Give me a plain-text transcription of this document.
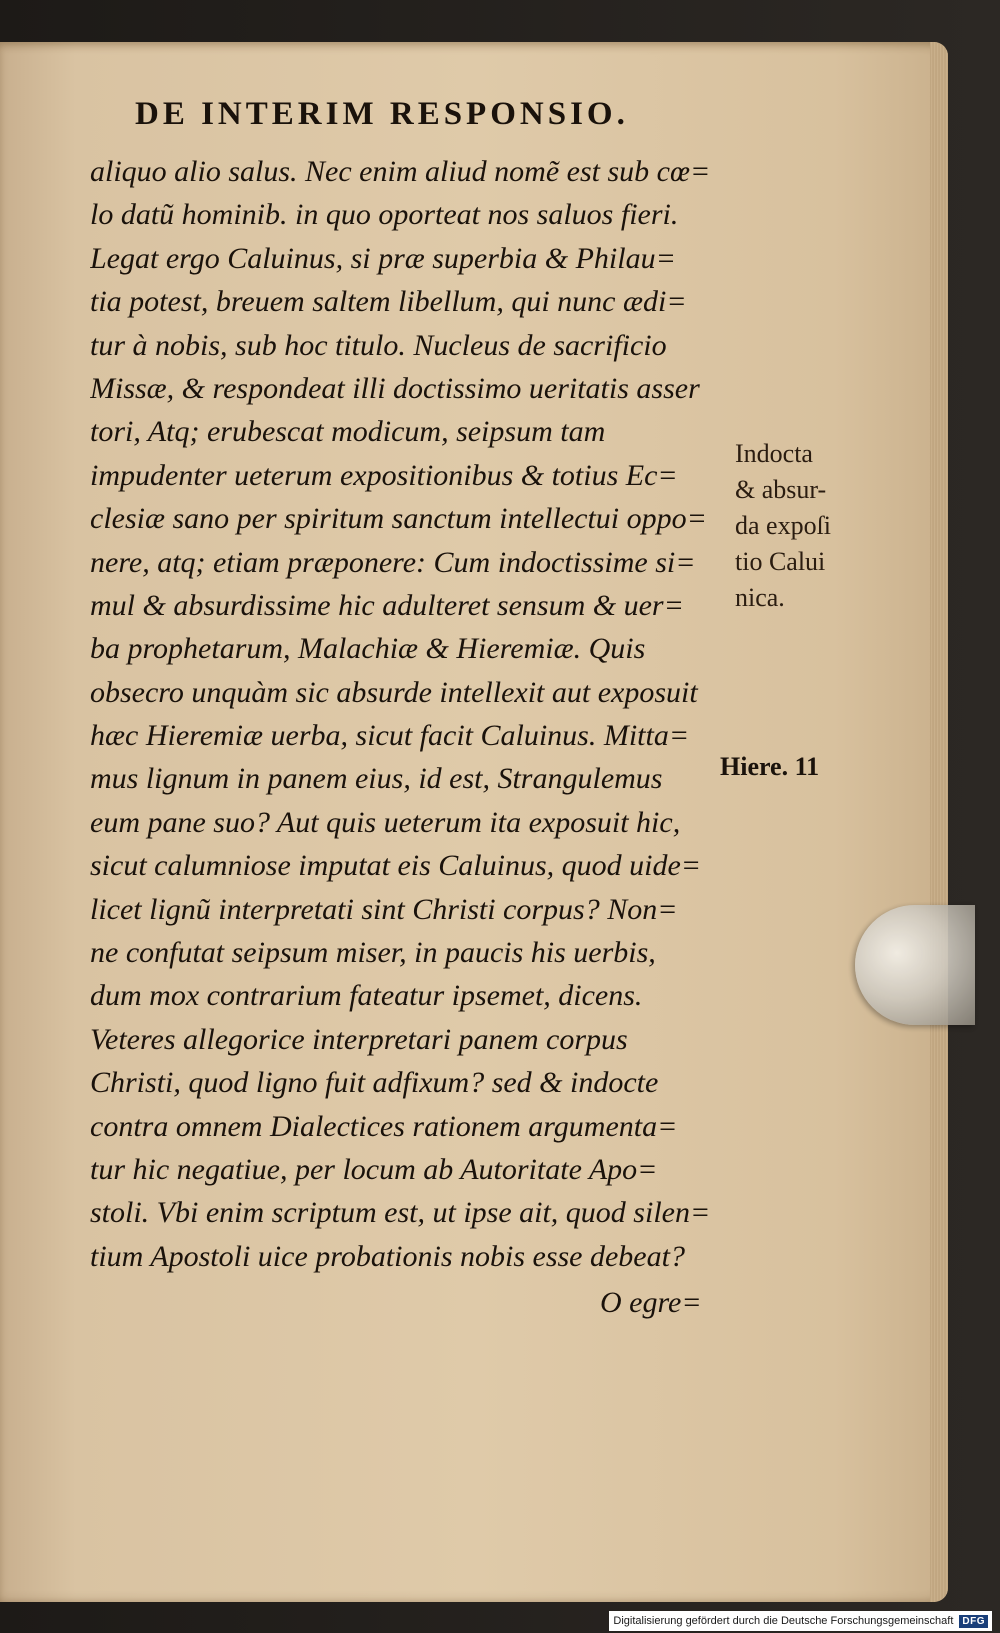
DE INTERIM RESPONSIO.
aliquo alio salus. Nec enim aliud nomẽ est sub cœ=
lo datũ hominib. in quo oporteat nos saluos fieri.
Legat ergo Caluinus, si præ superbia & Philau=
tia potest, breuem saltem libellum, qui nunc ædi=
tur à nobis, sub hoc titulo. Nucleus de sacrificio
Missæ, & respondeat illi doctissimo ueritatis asser
tori, Atq; erubescat modicum, seipsum tam
impudenter ueterum expositionibus & totius Ec=
clesiæ sano per spiritum sanctum intellectui oppo=
nere, atq; etiam præponere: Cum indoctissime si=
mul & absurdissime hic adulteret sensum & uer=
ba prophetarum, Malachiæ & Hieremiæ. Quis
obsecro unquàm sic absurde intellexit aut exposuit
hæc Hieremiæ uerba, sicut facit Caluinus. Mitta=
mus lignum in panem eius, id est, Strangulemus
eum pane suo? Aut quis ueterum ita exposuit hic,
sicut calumniose imputat eis Caluinus, quod uide=
licet lignũ interpretati sint Christi corpus? Non=
ne confutat seipsum miser, in paucis his uerbis,
dum mox contrarium fateatur ipsemet, dicens.
Veteres allegorice interpretari panem corpus
Christi, quod ligno fuit adfixum? sed & indocte
contra omnem Dialectices rationem argumenta=
tur hic negatiue, per locum ab Autoritate Apo=
stoli. Vbi enim scriptum est, ut ipse ait, quod silen=
tium Apostoli uice probationis nobis esse debeat?
O egre=
Indocta
& absur-
da expoſi
tio Calui
nica.
Hiere. 11
Digitalisierung gefördert durch die Deutsche Forschungsgemeinschaft DFG
